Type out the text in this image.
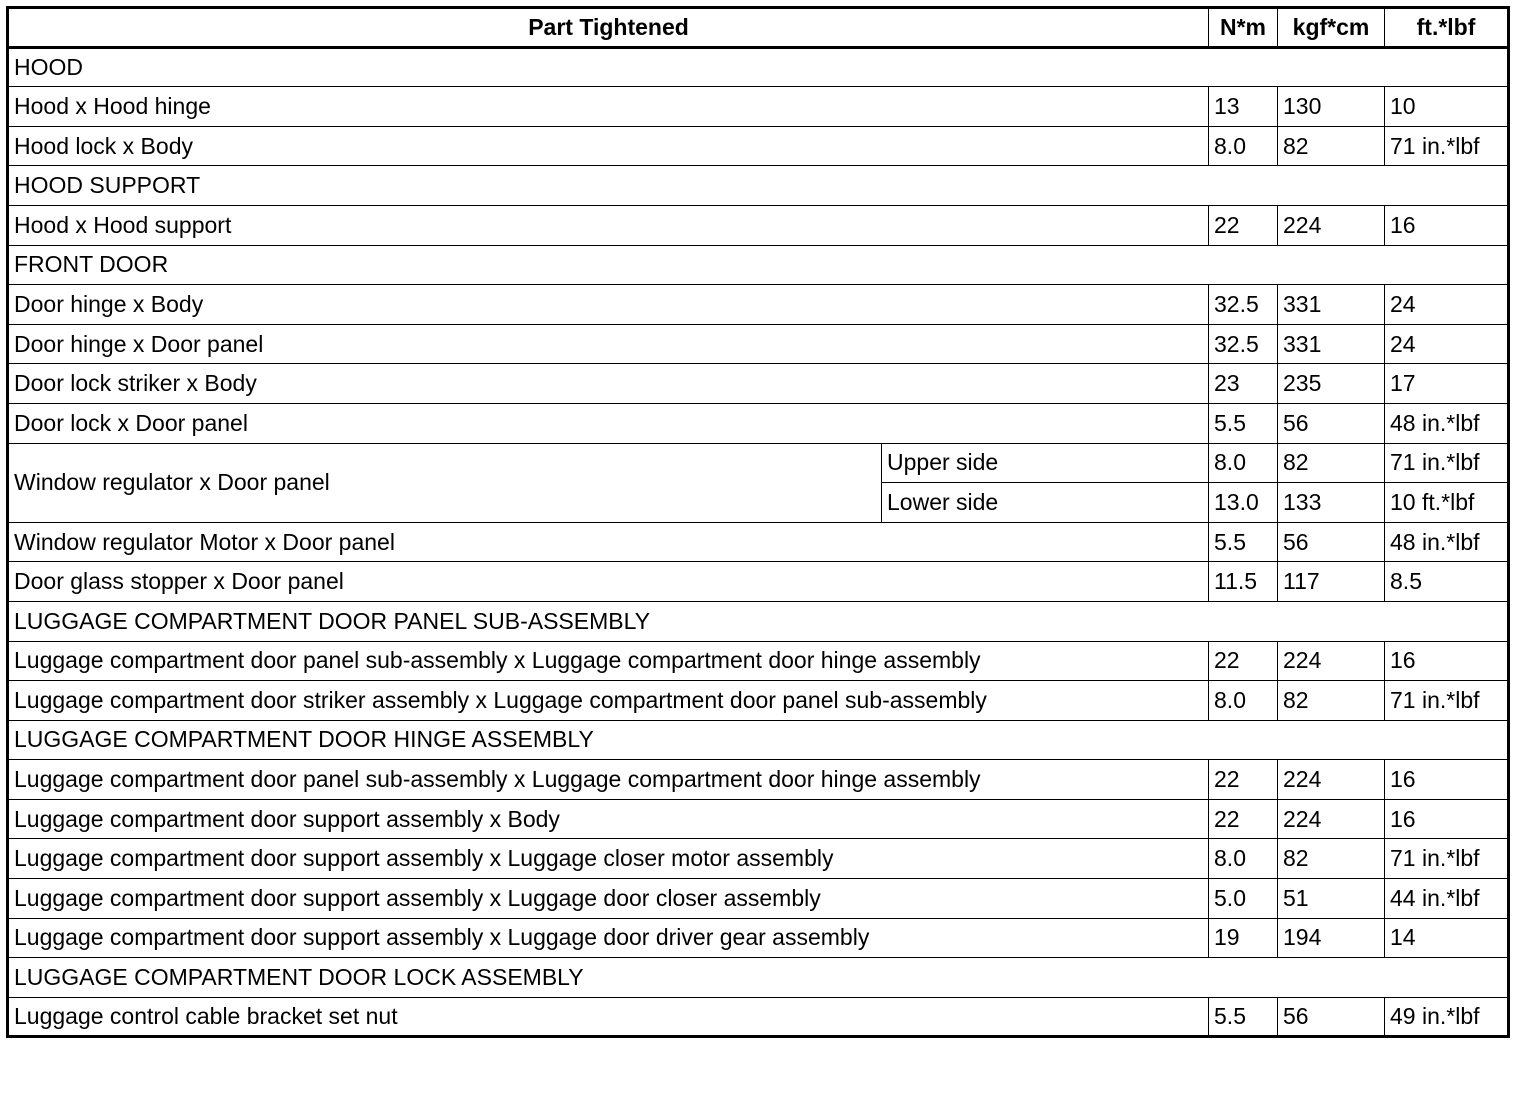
Part Tightened		N*m	kgf*cm	ft.*lbf
HOOD				
Hood x Hood hinge		13	130	10
Hood lock x Body		8.0	82	71 in.*lbf
HOOD SUPPORT				
Hood x Hood support		22	224	16
FRONT DOOR				
Door hinge x Body		32.5	331	24
Door hinge x Door panel		32.5	331	24
Door lock striker x Body		23	235	17
Door lock x Door panel		5.5	56	48 in.*lbf
Window regulator x Door panel	Upper side	8.0	82	71 in.*lbf
	Lower side	13.0	133	10 ft.*lbf
Window regulator Motor x Door panel		5.5	56	48 in.*lbf
Door glass stopper x Door panel		11.5	117	8.5
LUGGAGE COMPARTMENT DOOR PANEL SUB-ASSEMBLY				
Luggage compartment door panel sub-assembly x Luggage compartment door hinge assembly		22	224	16
Luggage compartment door striker assembly x Luggage compartment door panel sub-assembly		8.0	82	71 in.*lbf
LUGGAGE COMPARTMENT DOOR HINGE ASSEMBLY				
Luggage compartment door panel sub-assembly x Luggage compartment door hinge assembly		22	224	16
Luggage compartment door support assembly x Body		22	224	16
Luggage compartment door support assembly x Luggage closer motor assembly		8.0	82	71 in.*lbf
Luggage compartment door support assembly x Luggage door closer assembly		5.0	51	44 in.*lbf
Luggage compartment door support assembly x Luggage door driver gear assembly		19	194	14
LUGGAGE COMPARTMENT DOOR LOCK ASSEMBLY				
Luggage control cable bracket set nut		5.5	56	49 in.*lbf
